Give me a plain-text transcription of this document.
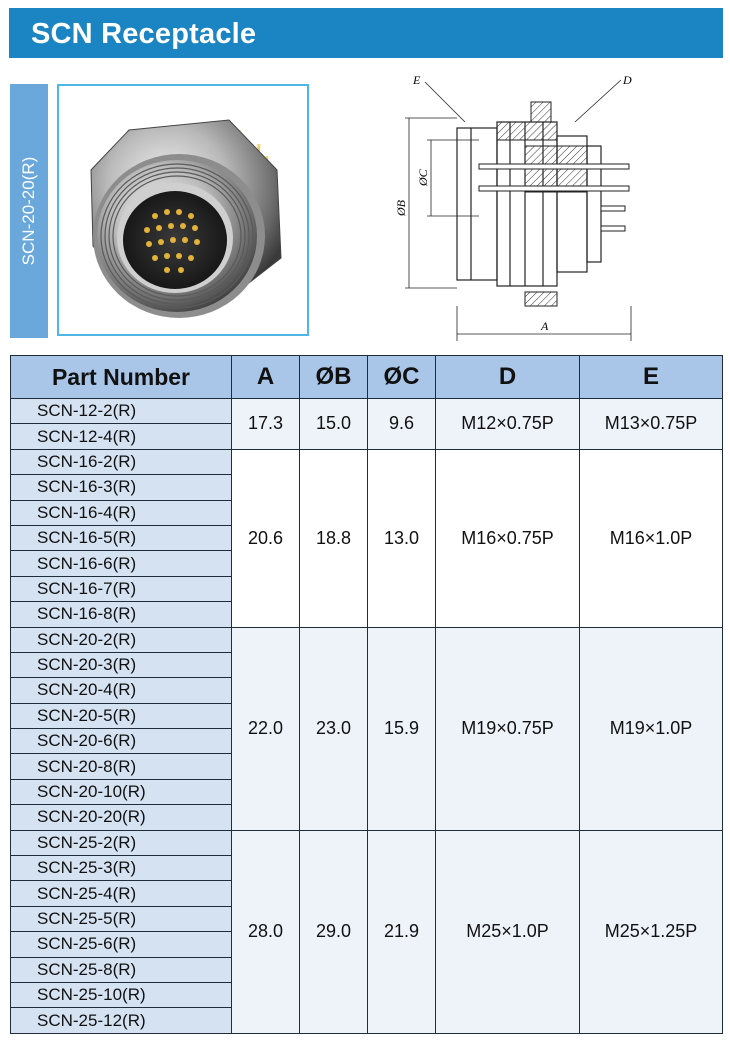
SCN Receptacle
SCN-20-20(R)
E	D
ØB
ØC
A
Part Number	A	ØB	ØC	D	E
SCN-12-2(R)	17.3	15.0	9.6	M12×0.75P	M13×0.75P
SCN-12-4(R)					
SCN-16-2(R)	20.6	18.8	13.0	M16×0.75P	M16×1.0P
SCN-16-3(R)					
SCN-16-4(R)					
SCN-16-5(R)					
SCN-16-6(R)					
SCN-16-7(R)					
SCN-16-8(R)					
SCN-20-2(R)	22.0	23.0	15.9	M19×0.75P	M19×1.0P
SCN-20-3(R)					
SCN-20-4(R)					
SCN-20-5(R)					
SCN-20-6(R)					
SCN-20-8(R)					
SCN-20-10(R)					
SCN-20-20(R)					
SCN-25-2(R)	28.0	29.0	21.9	M25×1.0P	M25×1.25P
SCN-25-3(R)					
SCN-25-4(R)					
SCN-25-5(R)					
SCN-25-6(R)					
SCN-25-8(R)					
SCN-25-10(R)					
SCN-25-12(R)					
